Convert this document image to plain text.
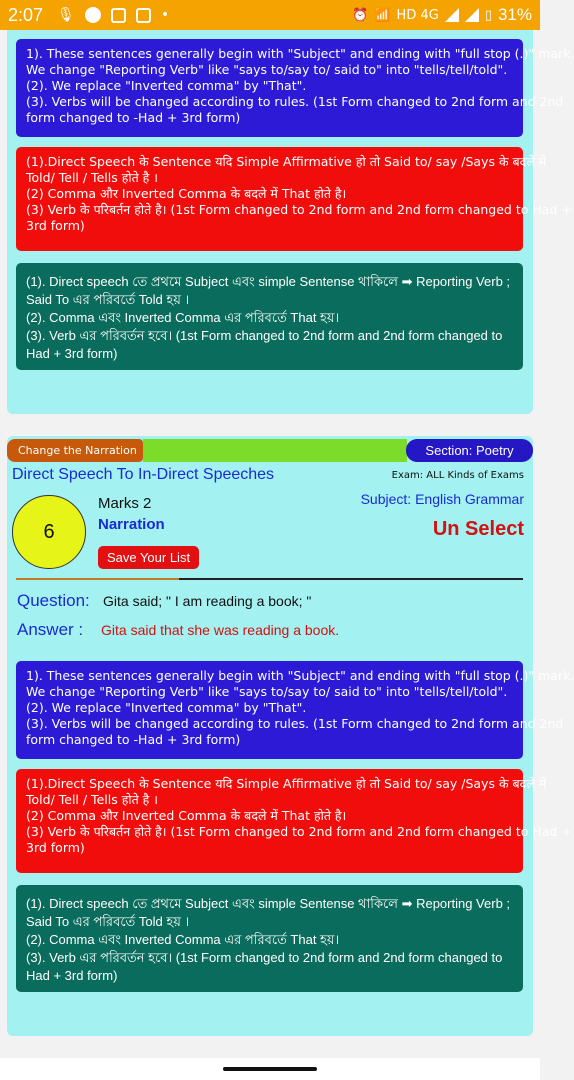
2:07 🎙	•	⏰ 📶 HD 4G	▯ 31%
1). These sentences generally begin with "Subject" and ending with "full stop (.)" mark.
We change "Reporting Verb" like "says to/say to/ said to" into "tells/tell/told".
(2). We replace "Inverted comma" by "That".
(3). Verbs will be changed according to rules. (1st Form changed to 2nd form and 2nd
form changed to -Had + 3rd form)
(1).Direct Speech के Sentence यदि Simple Affirmative हो तो Said to/ say /Says के बदले में
Told/ Tell / Tells होते है ।
(2) Comma और Inverted Comma के बदले में That होते है।
(3) Verb के परिबर्तन होते है। (1st Form changed to 2nd form and 2nd form changed to Had +
3rd form)
(1). Direct speech তে প্রথমে Subject এবং simple Sentense থাকিলে ➡ Reporting Verb ;
Said To এর পরিবর্তে Told হয় ।
(2). Comma এবং Inverted Comma এর পরিবর্তে That হয়।
(3). Verb এর পরিবর্তন হবে। (1st Form changed to 2nd form and 2nd form changed to
Had + 3rd form)
Change the Narration	Section: Poetry
Direct Speech To In-Direct Speeches	Exam: ALL Kinds of Exams
Subject: English Grammar
6
Marks 2
Narration	Un Select
Save Your List
Question: Gita said; " I am reading a book; "
Answer : Gita said that she was reading a book.
1). These sentences generally begin with "Subject" and ending with "full stop (.)" mark.
We change "Reporting Verb" like "says to/say to/ said to" into "tells/tell/told".
(2). We replace "Inverted comma" by "That".
(3). Verbs will be changed according to rules. (1st Form changed to 2nd form and 2nd
form changed to -Had + 3rd form)
(1).Direct Speech के Sentence यदि Simple Affirmative हो तो Said to/ say /Says के बदले में
Told/ Tell / Tells होते है ।
(2) Comma और Inverted Comma के बदले में That होते है।
(3) Verb के परिबर्तन होते है। (1st Form changed to 2nd form and 2nd form changed to Had +
3rd form)
(1). Direct speech তে প্রথমে Subject এবং simple Sentense থাকিলে ➡ Reporting Verb ;
Said To এর পরিবর্তে Told হয় ।
(2). Comma এবং Inverted Comma এর পরিবর্তে That হয়।
(3). Verb এর পরিবর্তন হবে। (1st Form changed to 2nd form and 2nd form changed to
Had + 3rd form)
